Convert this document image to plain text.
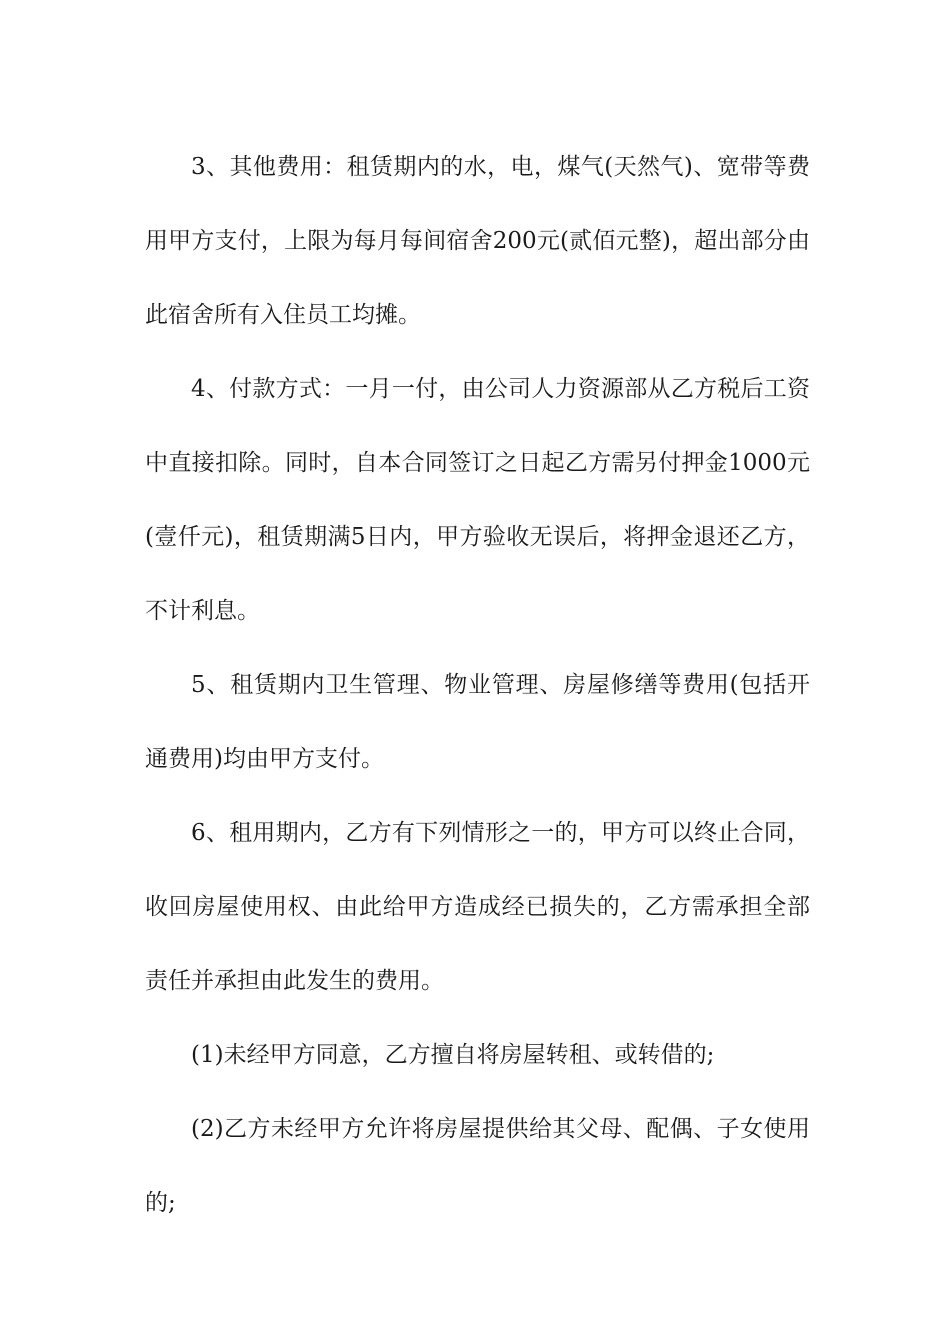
3、其他费用：租赁期内的水，电，煤气(天然气)、宽带等费用甲方支付，上限为每月每间宿舍200元(贰佰元整)，超出部分由此宿舍所有入住员工均摊。

4、付款方式：一月一付，由公司人力资源部从乙方税后工资中直接扣除。同时，自本合同签订之日起乙方需另付押金1000元(壹仟元)，租赁期满5日内，甲方验收无误后，将押金退还乙方，不计利息。

5、租赁期内卫生管理、物业管理、房屋修缮等费用(包括开通费用)均由甲方支付。

6、租用期内，乙方有下列情形之一的，甲方可以终止合同，收回房屋使用权、由此给甲方造成经已损失的，乙方需承担全部责任并承担由此发生的费用。

(1)未经甲方同意，乙方擅自将房屋转租、或转借的;

(2)乙方未经甲方允许将房屋提供给其父母、配偶、子女使用的;
